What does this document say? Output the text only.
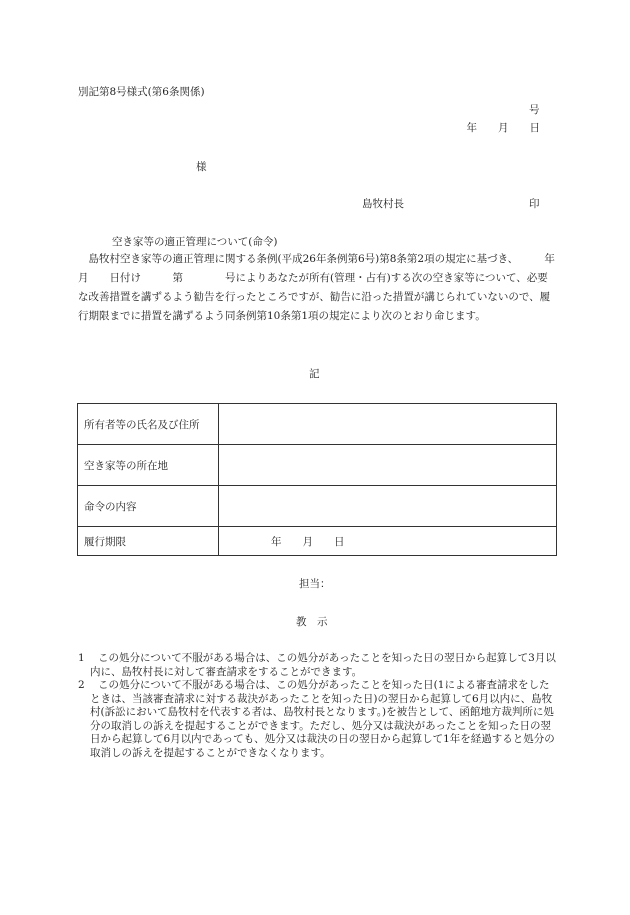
別記第8号様式(第6条関係)
号
年　　月　　日
様
島牧村長	印
空き家等の適正管理について(命令)
　島牧村空き家等の適正管理に関する条例(平成26年条例第6号)第8条第2項の規定に基づき、　　　年　　月　　日付け　　　第　　　　号によりあなたが所有(管理・占有)する次の空き家等について、必要な改善措置を講ずるよう勧告を行ったところですが、勧告に沿った措置が講じられていないので、履行期限までに措置を講ずるよう同条例第10条第1項の規定により次のとおり命じます。
記
所有者等の氏名及び住所	
空き家等の所在地	
命令の内容	
履行期限	年　　月　　日
担当：
教　示
1	この処分について不服がある場合は、この処分があったことを知った日の翌日から起算して3月以内に、島牧村長に対して審査請求をすることができます。
2	この処分について不服がある場合は、この処分があったことを知った日(1による審査請求をしたときは、当該審査請求に対する裁決があったことを知った日)の翌日から起算して6月以内に、島牧村(訴訟において島牧村を代表する者は、島牧村長となります。)を被告として、函館地方裁判所に処分の取消しの訴えを提起することができます。ただし、処分又は裁決があったことを知った日の翌日から起算して6月以内であっても、処分又は裁決の日の翌日から起算して1年を経過すると処分の取消しの訴えを提起することができなくなります。
